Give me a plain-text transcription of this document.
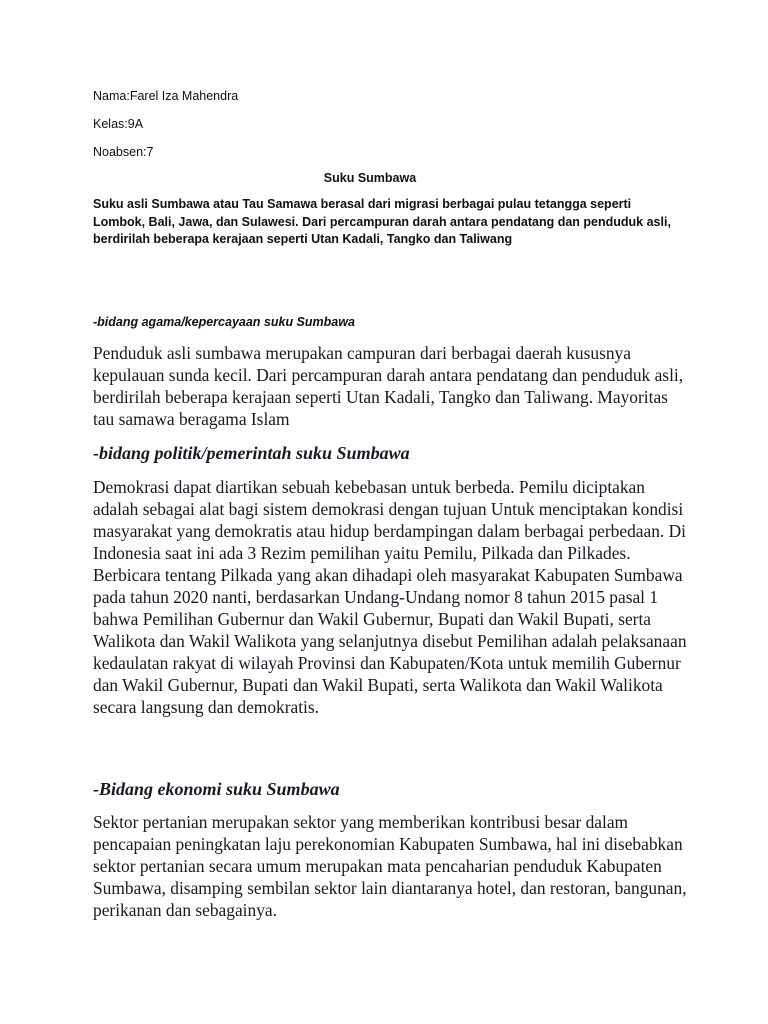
Nama:Farel Iza Mahendra

Kelas:9A

Noabsen:7

Suku Sumbawa

Suku asli Sumbawa atau Tau Samawa berasal dari migrasi berbagai pulau tetangga seperti Lombok, Bali, Jawa, dan Sulawesi. Dari percampuran darah antara pendatang dan penduduk asli, berdirilah beberapa kerajaan seperti Utan Kadali, Tangko dan Taliwang

-bidang agama/kepercayaan suku Sumbawa

Penduduk asli sumbawa merupakan campuran dari berbagai daerah kususnya kepulauan sunda kecil. Dari percampuran darah antara pendatang dan penduduk asli, berdirilah beberapa kerajaan seperti Utan Kadali, Tangko dan Taliwang. Mayoritas tau samawa beragama Islam

-bidang politik/pemerintah suku Sumbawa

Demokrasi dapat diartikan sebuah kebebasan untuk berbeda. Pemilu diciptakan adalah sebagai alat bagi sistem demokrasi dengan tujuan Untuk menciptakan kondisi masyarakat yang demokratis atau hidup berdampingan dalam berbagai perbedaan. Di Indonesia saat ini ada 3 Rezim pemilihan yaitu Pemilu, Pilkada dan Pilkades. Berbicara tentang Pilkada yang akan dihadapi oleh masyarakat Kabupaten Sumbawa pada tahun 2020 nanti, berdasarkan Undang-Undang nomor 8 tahun 2015 pasal 1 bahwa Pemilihan Gubernur dan Wakil Gubernur, Bupati dan Wakil Bupati, serta Walikota dan Wakil Walikota yang selanjutnya disebut Pemilihan adalah pelaksanaan kedaulatan rakyat di wilayah Provinsi dan Kabupaten/Kota untuk memilih Gubernur dan Wakil Gubernur, Bupati dan Wakil Bupati, serta Walikota dan Wakil Walikota secara langsung dan demokratis.

-Bidang ekonomi suku Sumbawa

Sektor pertanian merupakan sektor yang memberikan kontribusi besar dalam pencapaian peningkatan laju perekonomian Kabupaten Sumbawa, hal ini disebabkan sektor pertanian secara umum merupakan mata pencaharian penduduk Kabupaten Sumbawa, disamping sembilan sektor lain diantaranya hotel, dan restoran, bangunan, perikanan dan sebagainya.
